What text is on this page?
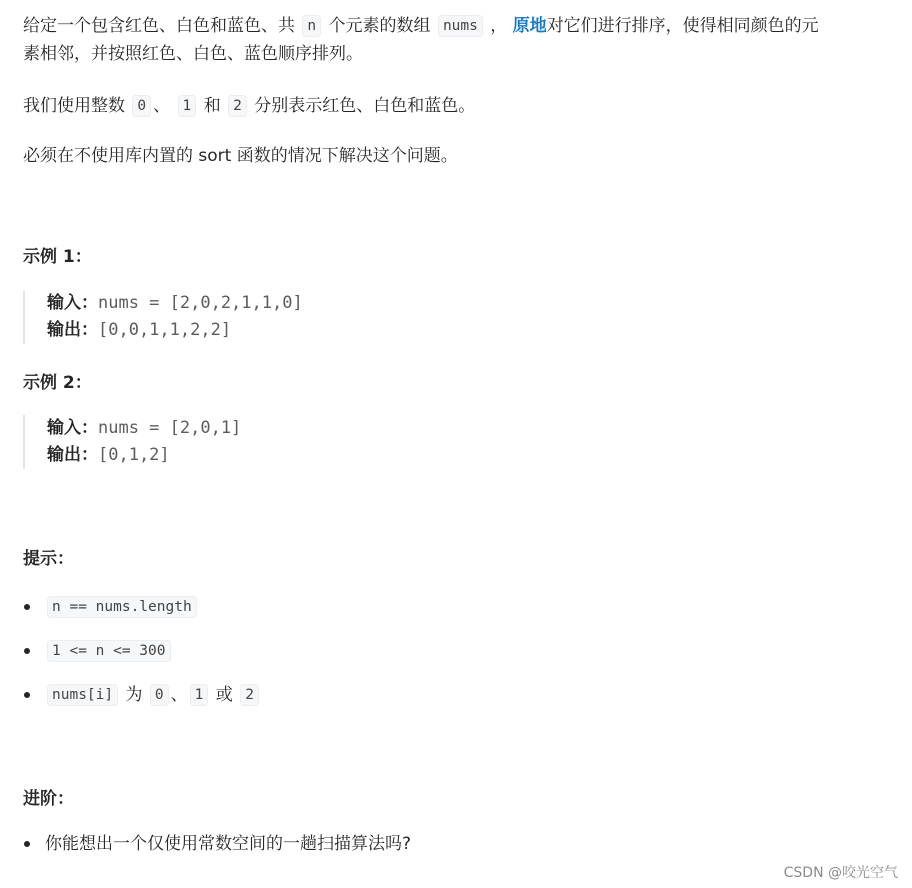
给定一个包含红色、白色和蓝色、共 n 个元素的数组 nums ， 原地对它们进行排序，使得相同颜色的元
素相邻，并按照红色、白色、蓝色顺序排列。

我们使用整数 0 、 1 和 2 分别表示红色、白色和蓝色。

必须在不使用库内置的 sort 函数的情况下解决这个问题。

示例 1：
输入：nums = [2,0,2,1,1,0]
输出：[0,0,1,1,2,2]
示例 2：
输入：nums = [2,0,1]
输出：[0,1,2]
提示：
n == nums.length
1 <= n <= 300
nums[i] 为 0 、 1 或 2
进阶：
你能想出一个仅使用常数空间的一趟扫描算法吗?
CSDN @咬光空气
